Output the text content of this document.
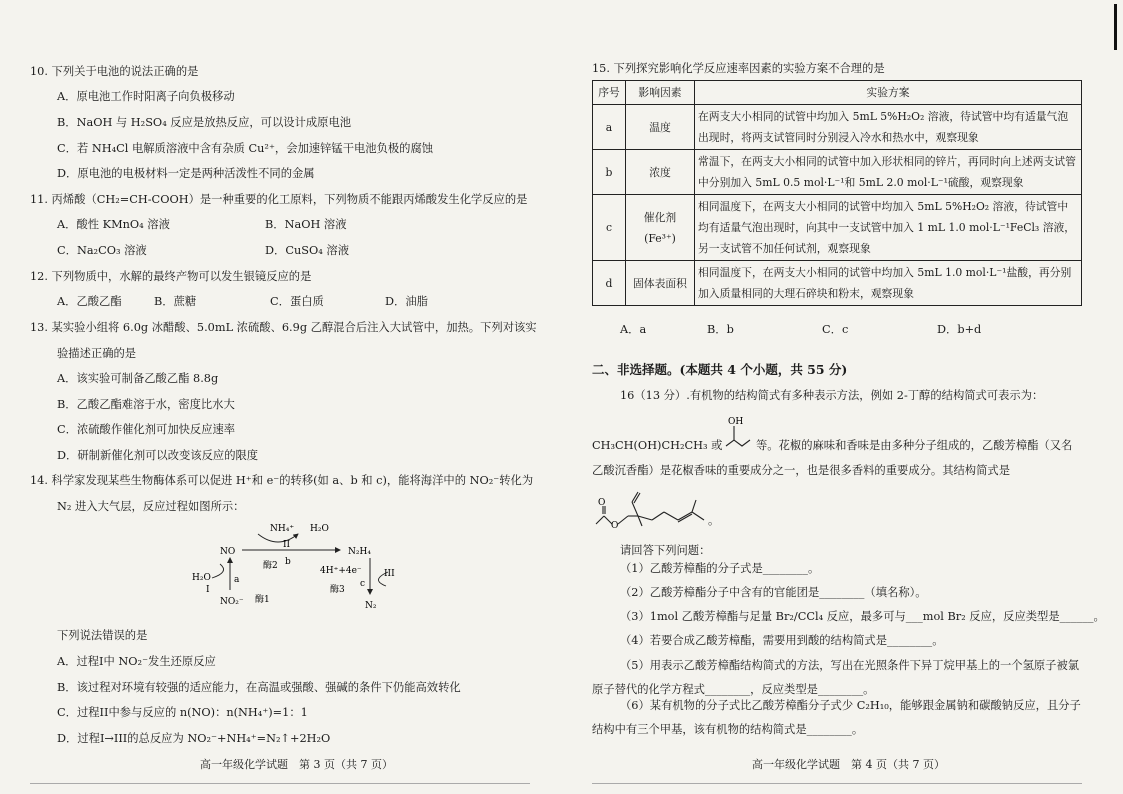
10. 下列关于电池的说法正确的是
A．原电池工作时阳离子向负极移动
B．NaOH 与 H₂SO₄ 反应是放热反应，可以设计成原电池
C．若 NH₄Cl 电解质溶液中含有杂质 Cu²⁺，会加速锌锰干电池负极的腐蚀
D．原电池的电极材料一定是两种活泼性不同的金属
11. 丙烯酸（CH₂=CH-COOH）是一种重要的化工原料，下列物质不能跟丙烯酸发生化学反应的是
A．酸性 KMnO₄ 溶液	B．NaOH 溶液
C．Na₂CO₃ 溶液	D．CuSO₄ 溶液
12. 下列物质中，水解的最终产物可以发生银镜反应的是
A．乙酸乙酯	B．蔗糖	C．蛋白质	D．油脂
13. 某实验小组将 6.0g 冰醋酸、5.0mL 浓硫酸、6.9g 乙醇混合后注入大试管中，加热。下列对该实
验描述正确的是
A．该实验可制备乙酸乙酯 8.8g
B．乙酸乙酯难溶于水，密度比水大
C．浓硫酸作催化剂可加快反应速率
D．研制新催化剂可以改变该反应的限度
14. 科学家发现某些生物酶体系可以促进 H⁺和 e⁻的转移(如 a、b 和 c)，能将海洋中的 NO₂⁻转化为
N₂ 进入大气层，反应过程如图所示：
NH₄⁺ H₂O
NO	N₂H₄
II
b
酶2
H₂O	a
I
NO₂⁻ 酶1
4H⁺+4e⁻ III
c
酶3
N₂
下列说法错误的是
A．过程I中 NO₂⁻发生还原反应
B．该过程对环境有较强的适应能力，在高温或强酸、强碱的条件下仍能高效转化
C．过程II中参与反应的 n(NO)：n(NH₄⁺)=1：1
D．过程I→III的总反应为 NO₂⁻+NH₄⁺=N₂↑+2H₂O
高一年级化学试题　第 3 页（共 7 页）
15. 下列探究影响化学反应速率因素的实验方案不合理的是
序号	影响因素	实验方案
a	温度	在两支大小相同的试管中均加入 5mL 5%H₂O₂ 溶液，待试管中均有适量气泡出现时，将两支试管同时分别浸入冷水和热水中，观察现象
b	浓度	常温下，在两支大小相同的试管中加入形状相同的锌片，再同时向上述两支试管中分别加入 5mL 0.5 mol·L⁻¹和 5mL 2.0 mol·L⁻¹硫酸，观察现象
c	催化剂(Fe³⁺)	相同温度下，在两支大小相同的试管中均加入 5mL 5%H₂O₂ 溶液，待试管中均有适量气泡出现时，向其中一支试管中加入 1 mL 1.0 mol·L⁻¹FeCl₃ 溶液，另一支试管不加任何试剂，观察现象
d	固体表面积	相同温度下，在两支大小相同的试管中均加入 5mL 1.0 mol·L⁻¹盐酸，再分别加入质量相同的大理石碎块和粉末，观察现象
A．a	B．b	C．c	D．b+d
二、非选择题。(本题共 4 个小题，共 55 分)
16（13 分）.有机物的结构简式有多种表示方法，例如 2-丁醇的结构简式可表示为：
CH₃CH(OH)CH₂CH₃ 或
OH
等。花椒的麻味和香味是由多种分子组成的，乙酸芳樟酯（又名
乙酸沉香酯）是花椒香味的重要成分之一，也是很多香料的重要成分。其结构简式是
O
O	。
请回答下列问题：
（1）乙酸芳樟酯的分子式是________。
（2）乙酸芳樟酯分子中含有的官能团是________（填名称）。
（3）1mol 乙酸芳樟酯与足量 Br₂/CCl₄ 反应，最多可与___mol Br₂ 反应，反应类型是______。
（4）若要合成乙酸芳樟酯，需要用到酸的结构简式是________。
（5）用表示乙酸芳樟酯结构简式的方法，写出在光照条件下异丁烷甲基上的一个氢原子被氯
原子替代的化学方程式________，反应类型是________。
（6）某有机物的分子式比乙酸芳樟酯分子式少 C₂H₁₀，能够跟金属钠和碳酸钠反应，且分子
结构中有三个甲基，该有机物的结构简式是________。
高一年级化学试题　第 4 页（共 7 页）
